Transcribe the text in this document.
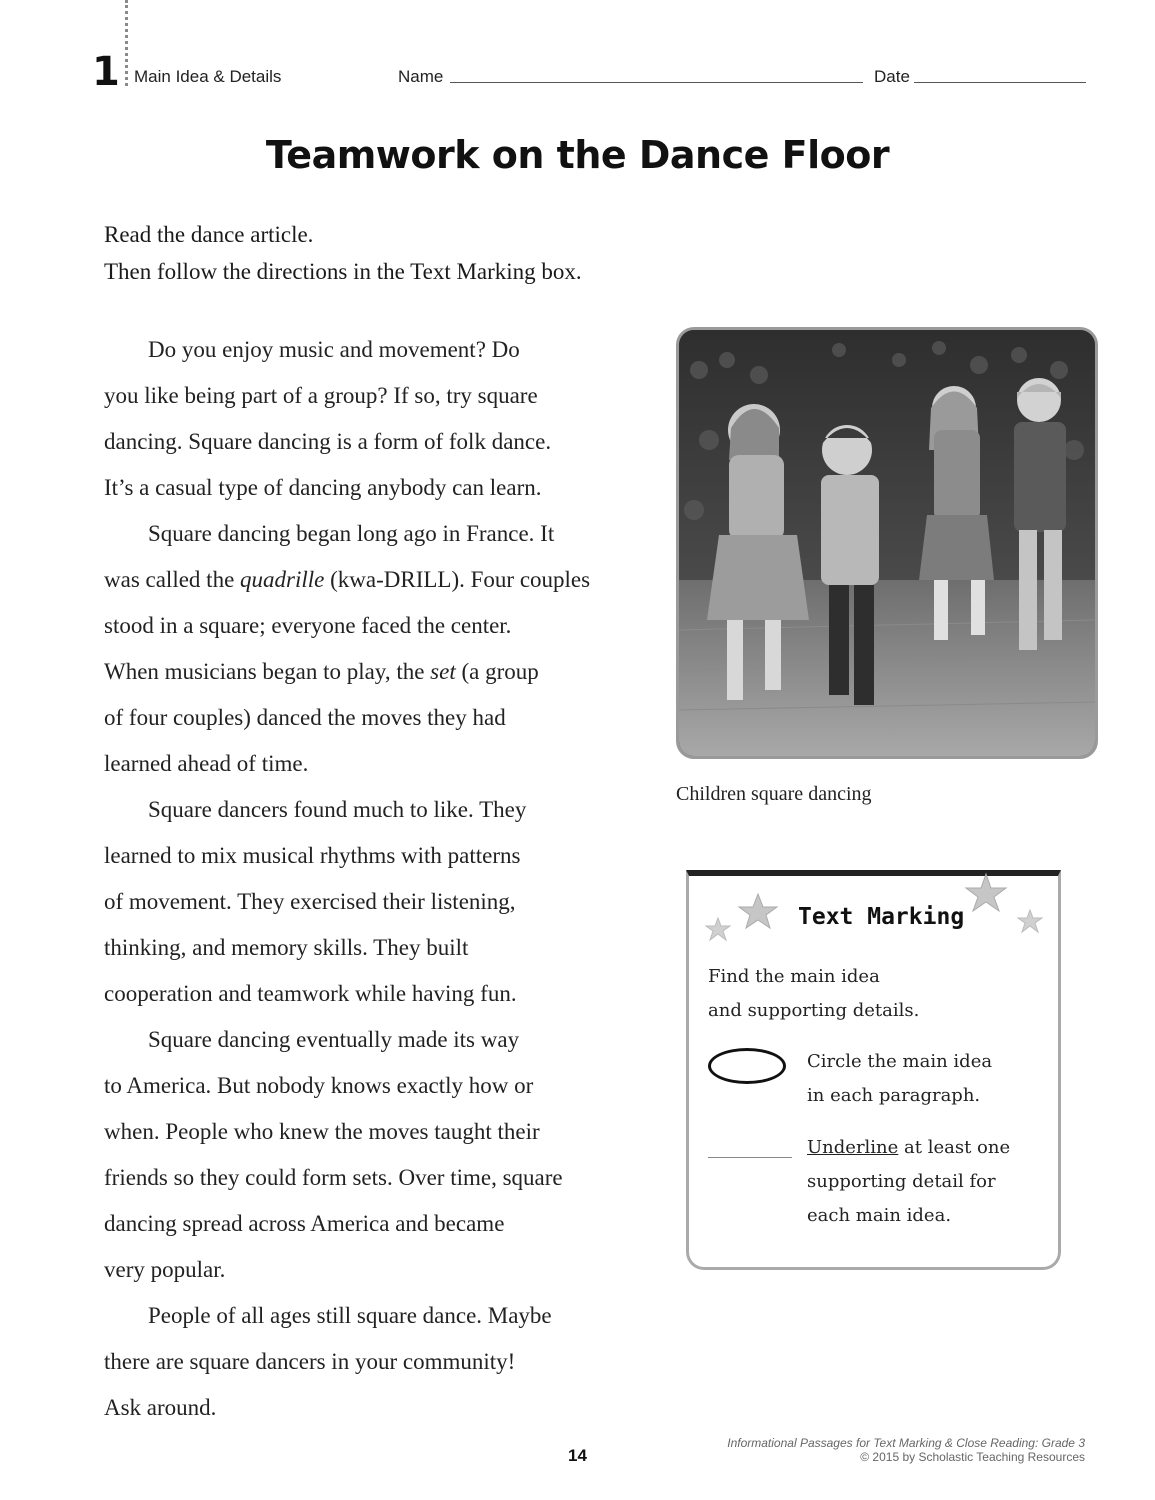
1 Main Idea & Details	Name	Date
Teamwork on the Dance Floor
Read the dance article.
Then follow the directions in the Text Marking box.
Do you enjoy music and movement? Do
you like being part of a group? If so, try square
dancing. Square dancing is a form of folk dance.
It’s a casual type of dancing anybody can learn.
Square dancing began long ago in France. It
was called the quadrille (kwa-DRILL). Four couples
stood in a square; everyone faced the center.
When musicians began to play, the set (a group
of four couples) danced the moves they had
learned ahead of time.
Square dancers found much to like. They
learned to mix musical rhythms with patterns
of movement. They exercised their listening,
thinking, and memory skills. They built
cooperation and teamwork while having fun.
Square dancing eventually made its way
to America. But nobody knows exactly how or
when. People who knew the moves taught their
friends so they could form sets. Over time, square
dancing spread across America and became
very popular.
People of all ages still square dance. Maybe
there are square dancers in your community!
Ask around.
Children square dancing
Text Marking
Find the main idea
and supporting details.
Circle the main idea
in each paragraph.
Underline at least one
supporting detail for
each main idea.
14
Informational Passages for Text Marking & Close Reading: Grade 3
© 2015 by Scholastic Teaching Resources
